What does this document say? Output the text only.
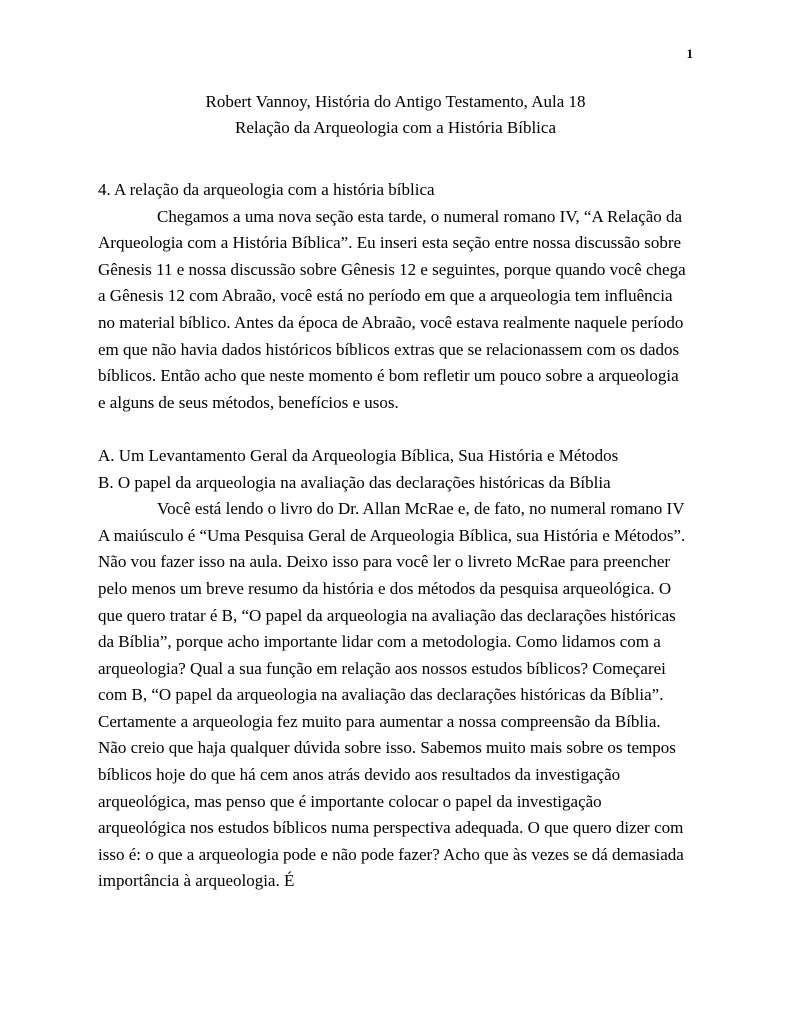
1
Robert Vannoy, História do Antigo Testamento, Aula 18
Relação da Arqueologia com a História Bíblica

4. A relação da arqueologia com a história bíblica

Chegamos a uma nova seção esta tarde, o numeral romano IV, “A Relação da Arqueologia com a História Bíblica”. Eu inseri esta seção entre nossa discussão sobre Gênesis 11 e nossa discussão sobre Gênesis 12 e seguintes, porque quando você chega a Gênesis 12 com Abraão, você está no período em que a arqueologia tem influência no material bíblico. Antes da época de Abraão, você estava realmente naquele período em que não havia dados históricos bíblicos extras que se relacionassem com os dados bíblicos. Então acho que neste momento é bom refletir um pouco sobre a arqueologia e alguns de seus métodos, benefícios e usos.

A. Um Levantamento Geral da Arqueologia Bíblica, Sua História e Métodos

B. O papel da arqueologia na avaliação das declarações históricas da Bíblia

Você está lendo o livro do Dr. Allan McRae e, de fato, no numeral romano IV A maiúsculo é “Uma Pesquisa Geral de Arqueologia Bíblica, sua História e Métodos”. Não vou fazer isso na aula. Deixo isso para você ler o livreto McRae para preencher pelo menos um breve resumo da história e dos métodos da pesquisa arqueológica. O que quero tratar é B, “O papel da arqueologia na avaliação das declarações históricas da Bíblia”, porque acho importante lidar com a metodologia. Como lidamos com a arqueologia? Qual a sua função em relação aos nossos estudos bíblicos? Começarei com B, “O papel da arqueologia na avaliação das declarações históricas da Bíblia”. Certamente a arqueologia fez muito para aumentar a nossa compreensão da Bíblia. Não creio que haja qualquer dúvida sobre isso. Sabemos muito mais sobre os tempos bíblicos hoje do que há cem anos atrás devido aos resultados da investigação arqueológica, mas penso que é importante colocar o papel da investigação arqueológica nos estudos bíblicos numa perspectiva adequada. O que quero dizer com isso é: o que a arqueologia pode e não pode fazer? Acho que às vezes se dá demasiada importância à arqueologia. É
